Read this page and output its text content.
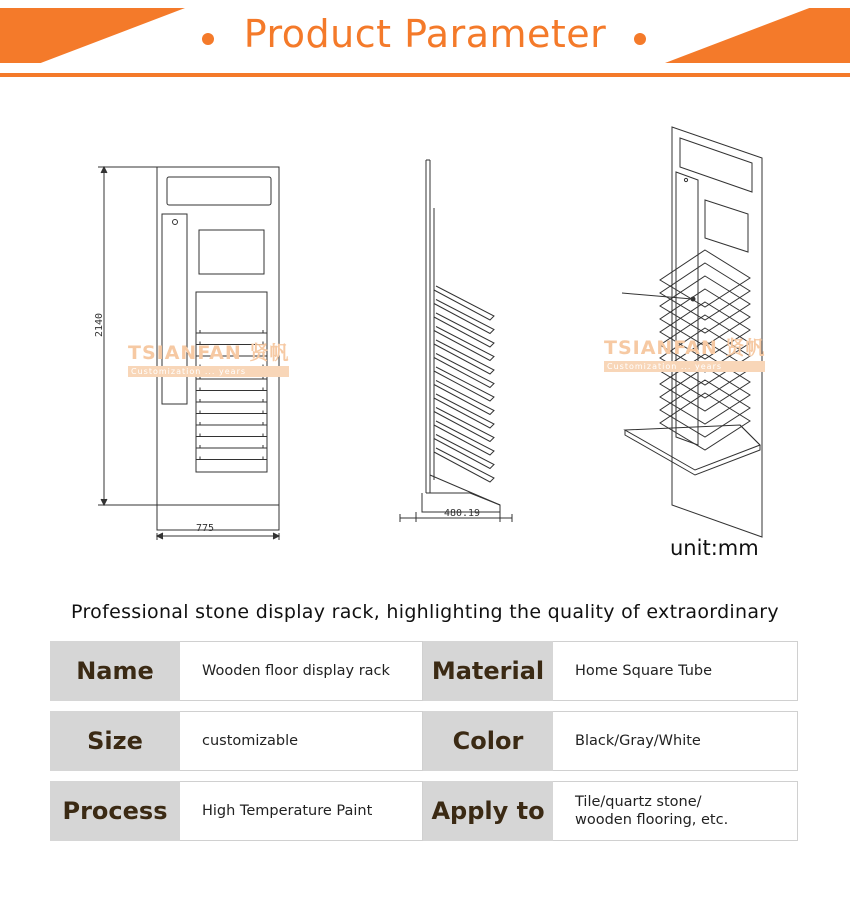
Product Parameter
2140
775
480.19
TSIANFAN 贤帆
Customization ... years
TSIANFAN 贤帆
Customization ... years
unit:mm
Professional stone display rack, highlighting the quality of extraordinary
Name	Wooden floor display rack	Material	Home Square Tube
Size	customizable	Color	Black/Gray/White
Process	High Temperature Paint	Apply to	Tile/quartz stone/ wooden flooring, etc.
